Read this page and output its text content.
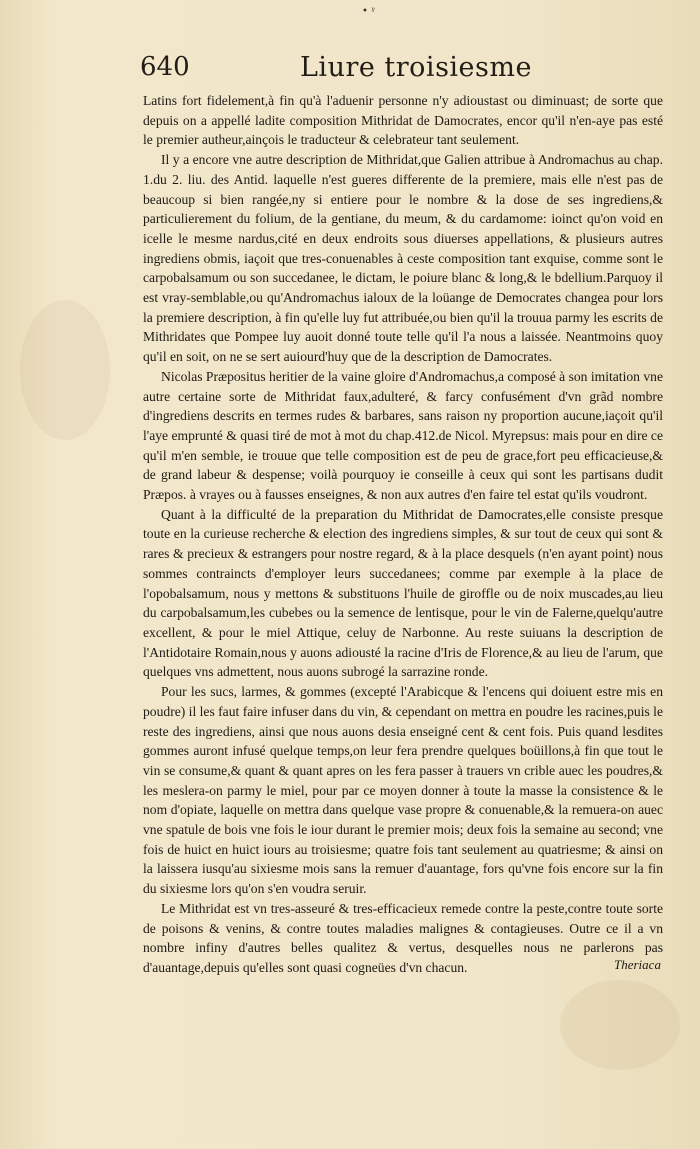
• ᵞ
640	Liure troisiesme

Latins fort fidelement,à fin qu'à l'aduenir personne n'y adioustast ou diminuast; de sorte que depuis on a appellé ladite composition Mithridat de Damocrates, encor qu'il n'en-aye pas esté le premier autheur,ainçois le traducteur & celebrateur tant seulement.

Il y a encore vne autre description de Mithridat,que Galien attribue à Andromachus au chap. 1.du 2. liu. des Antid. laquelle n'est gueres differente de la premiere, mais elle n'est pas de beaucoup si bien rangée,ny si entiere pour le nombre & la dose de ses ingrediens,& particulierement du folium, de la gentiane, du meum, & du cardamome: ioinct qu'on void en icelle le mesme nardus,cité en deux endroits sous diuerses appellations, & plusieurs autres ingrediens obmis, iaçoit que tres-conuenables à ceste composition tant exquise, comme sont le carpobalsamum ou son succedanee, le dictam, le poiure blanc & long,& le bdellium.Parquoy il est vray-semblable,ou qu'Andromachus ialoux de la loüange de Democrates changea pour lors la premiere description, à fin qu'elle luy fut attribuée,ou bien qu'il la trouua parmy les escrits de Mithridates que Pompee luy auoit donné toute telle qu'il l'a nous a laissée. Neantmoins quoy qu'il en soit, on ne se sert auiourd'huy que de la description de Damocrates.

Nicolas Præpositus heritier de la vaine gloire d'Andromachus,a composé à son imitation vne autre certaine sorte de Mithridat faux,adulteré, & farcy confusément d'vn grãd nombre d'ingrediens descrits en termes rudes & barbares, sans raison ny proportion aucune,iaçoit qu'il l'aye emprunté & quasi tiré de mot à mot du chap.412.de Nicol. Myrepsus: mais pour en dire ce qu'il m'en semble, ie trouue que telle composition est de peu de grace,fort peu efficacieuse,& de grand labeur & despense; voilà pourquoy ie conseille à ceux qui sont les partisans dudit Præpos. à vrayes ou à fausses enseignes, & non aux autres d'en faire tel estat qu'ils voudront.

Quant à la difficulté de la preparation du Mithridat de Damocrates,elle consiste presque toute en la curieuse recherche & election des ingrediens simples, & sur tout de ceux qui sont & rares & precieux & estrangers pour nostre regard, & à la place desquels (n'en ayant point) nous sommes contraincts d'employer leurs succedanees; comme par exemple à la place de l'opobalsamum, nous y mettons & substituons l'huile de giroffle ou de noix muscades,au lieu du carpobalsamum,les cubebes ou la semence de lentisque, pour le vin de Falerne,quelqu'autre excellent, & pour le miel Attique, celuy de Narbonne. Au reste suiuans la description de l'Antidotaire Romain,nous y auons adiousté la racine d'Iris de Florence,& au lieu de l'arum, que quelques vns admettent, nous auons subrogé la sarrazine ronde.

Pour les sucs, larmes, & gommes (excepté l'Arabicque & l'encens qui doiuent estre mis en poudre) il les faut faire infuser dans du vin, & cependant on mettra en poudre les racines,puis le reste des ingrediens, ainsi que nous auons desia enseigné cent & cent fois. Puis quand lesdites gommes auront infusé quelque temps,on leur fera prendre quelques boüillons,à fin que tout le vin se consume,& quant & quant apres on les fera passer à trauers vn crible auec les poudres,& les meslera-on parmy le miel, pour par ce moyen donner à toute la masse la consistence & le nom d'opiate, laquelle on mettra dans quelque vase propre & conuenable,& la remuera-on auec vne spatule de bois vne fois le iour durant le premier mois; deux fois la semaine au second; vne fois de huict en huict iours au troisiesme; quatre fois tant seulement au quatriesme; & ainsi on la laissera iusqu'au sixiesme mois sans la remuer d'auantage, fors qu'vne fois encore sur la fin du sixiesme lors qu'on s'en voudra seruir.

Le Mithridat est vn tres-asseuré & tres-efficacieux remede contre la peste,contre toute sorte de poisons & venins, & contre toutes maladies malignes & contagieuses. Outre ce il a vn nombre infiny d'autres belles qualitez & vertus, desquelles nous ne parlerons pas d'auantage,depuis qu'elles sont quasi cogneües d'vn chacun.	Theriaca
